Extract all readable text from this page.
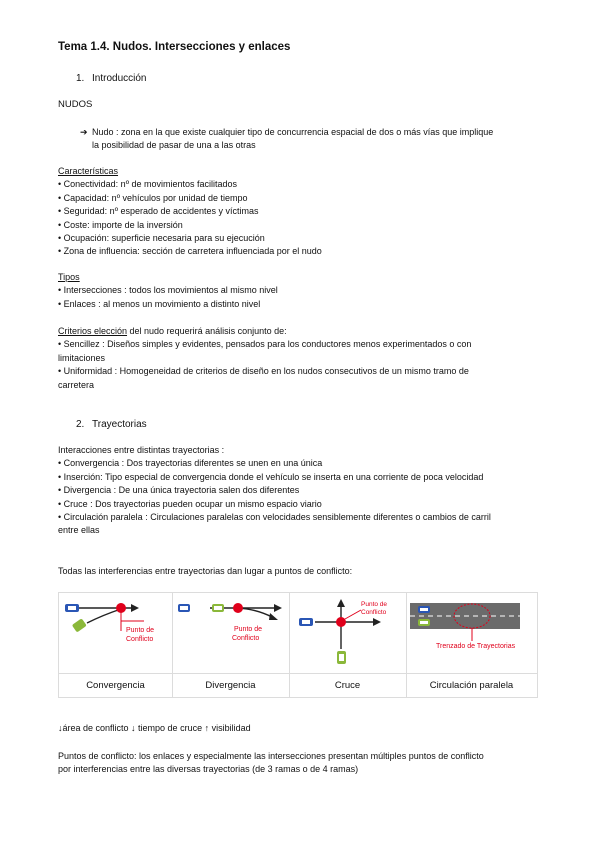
Tema 1.4. Nudos. Intersecciones y enlaces
1. Introducción
NUDOS
➔ Nudo : zona en la que existe cualquier tipo de concurrencia espacial de dos o más vías que implique
la posibilidad de pasar de una a las otras
Características
• Conectividad: nº de movimientos facilitados
• Capacidad: nº vehículos por unidad de tiempo
• Seguridad: nº esperado de accidentes y víctimas
• Coste: importe de la inversión
• Ocupación: superficie necesaria para su ejecución
• Zona de influencia: sección de carretera influenciada por el nudo
Tipos
• Intersecciones : todos los movimientos al mismo nivel
• Enlaces : al menos un movimiento a distinto nivel
Criterios elección del nudo requerirá análisis conjunto de:
• Sencillez : Diseños simples y evidentes, pensados para los conductores menos experimentados o con
limitaciones
• Uniformidad : Homogeneidad de criterios de diseño en los nudos consecutivos de un mismo tramo de
carretera
2. Trayectorias
Interacciones entre distintas trayectorias :
• Convergencia : Dos trayectorias diferentes se unen en una única
• Inserción: Tipo especial de convergencia donde el vehículo se inserta en una corriente de poca velocidad
• Divergencia : De una única trayectoria salen dos diferentes
• Cruce : Dos trayectorias pueden ocupar un mismo espacio viario
• Circulación paralela : Circulaciones paralelas con velocidades sensiblemente diferentes o cambios de carril
entre ellas
Todas las interferencias entre trayectorias dan lugar a puntos de conflicto:
Punto de
Conflicto
Convergencia
Punto de
Conflicto
Divergencia
Punto de
Conflicto
Cruce
Trenzado de Trayectorias
Circulación paralela
↓área de conflicto ↓ tiempo de cruce ↑ visibilidad
Puntos de conflicto: los enlaces y especialmente las intersecciones presentan múltiples puntos de conflicto
por interferencias entre las diversas trayectorias (de 3 ramas o de 4 ramas)
